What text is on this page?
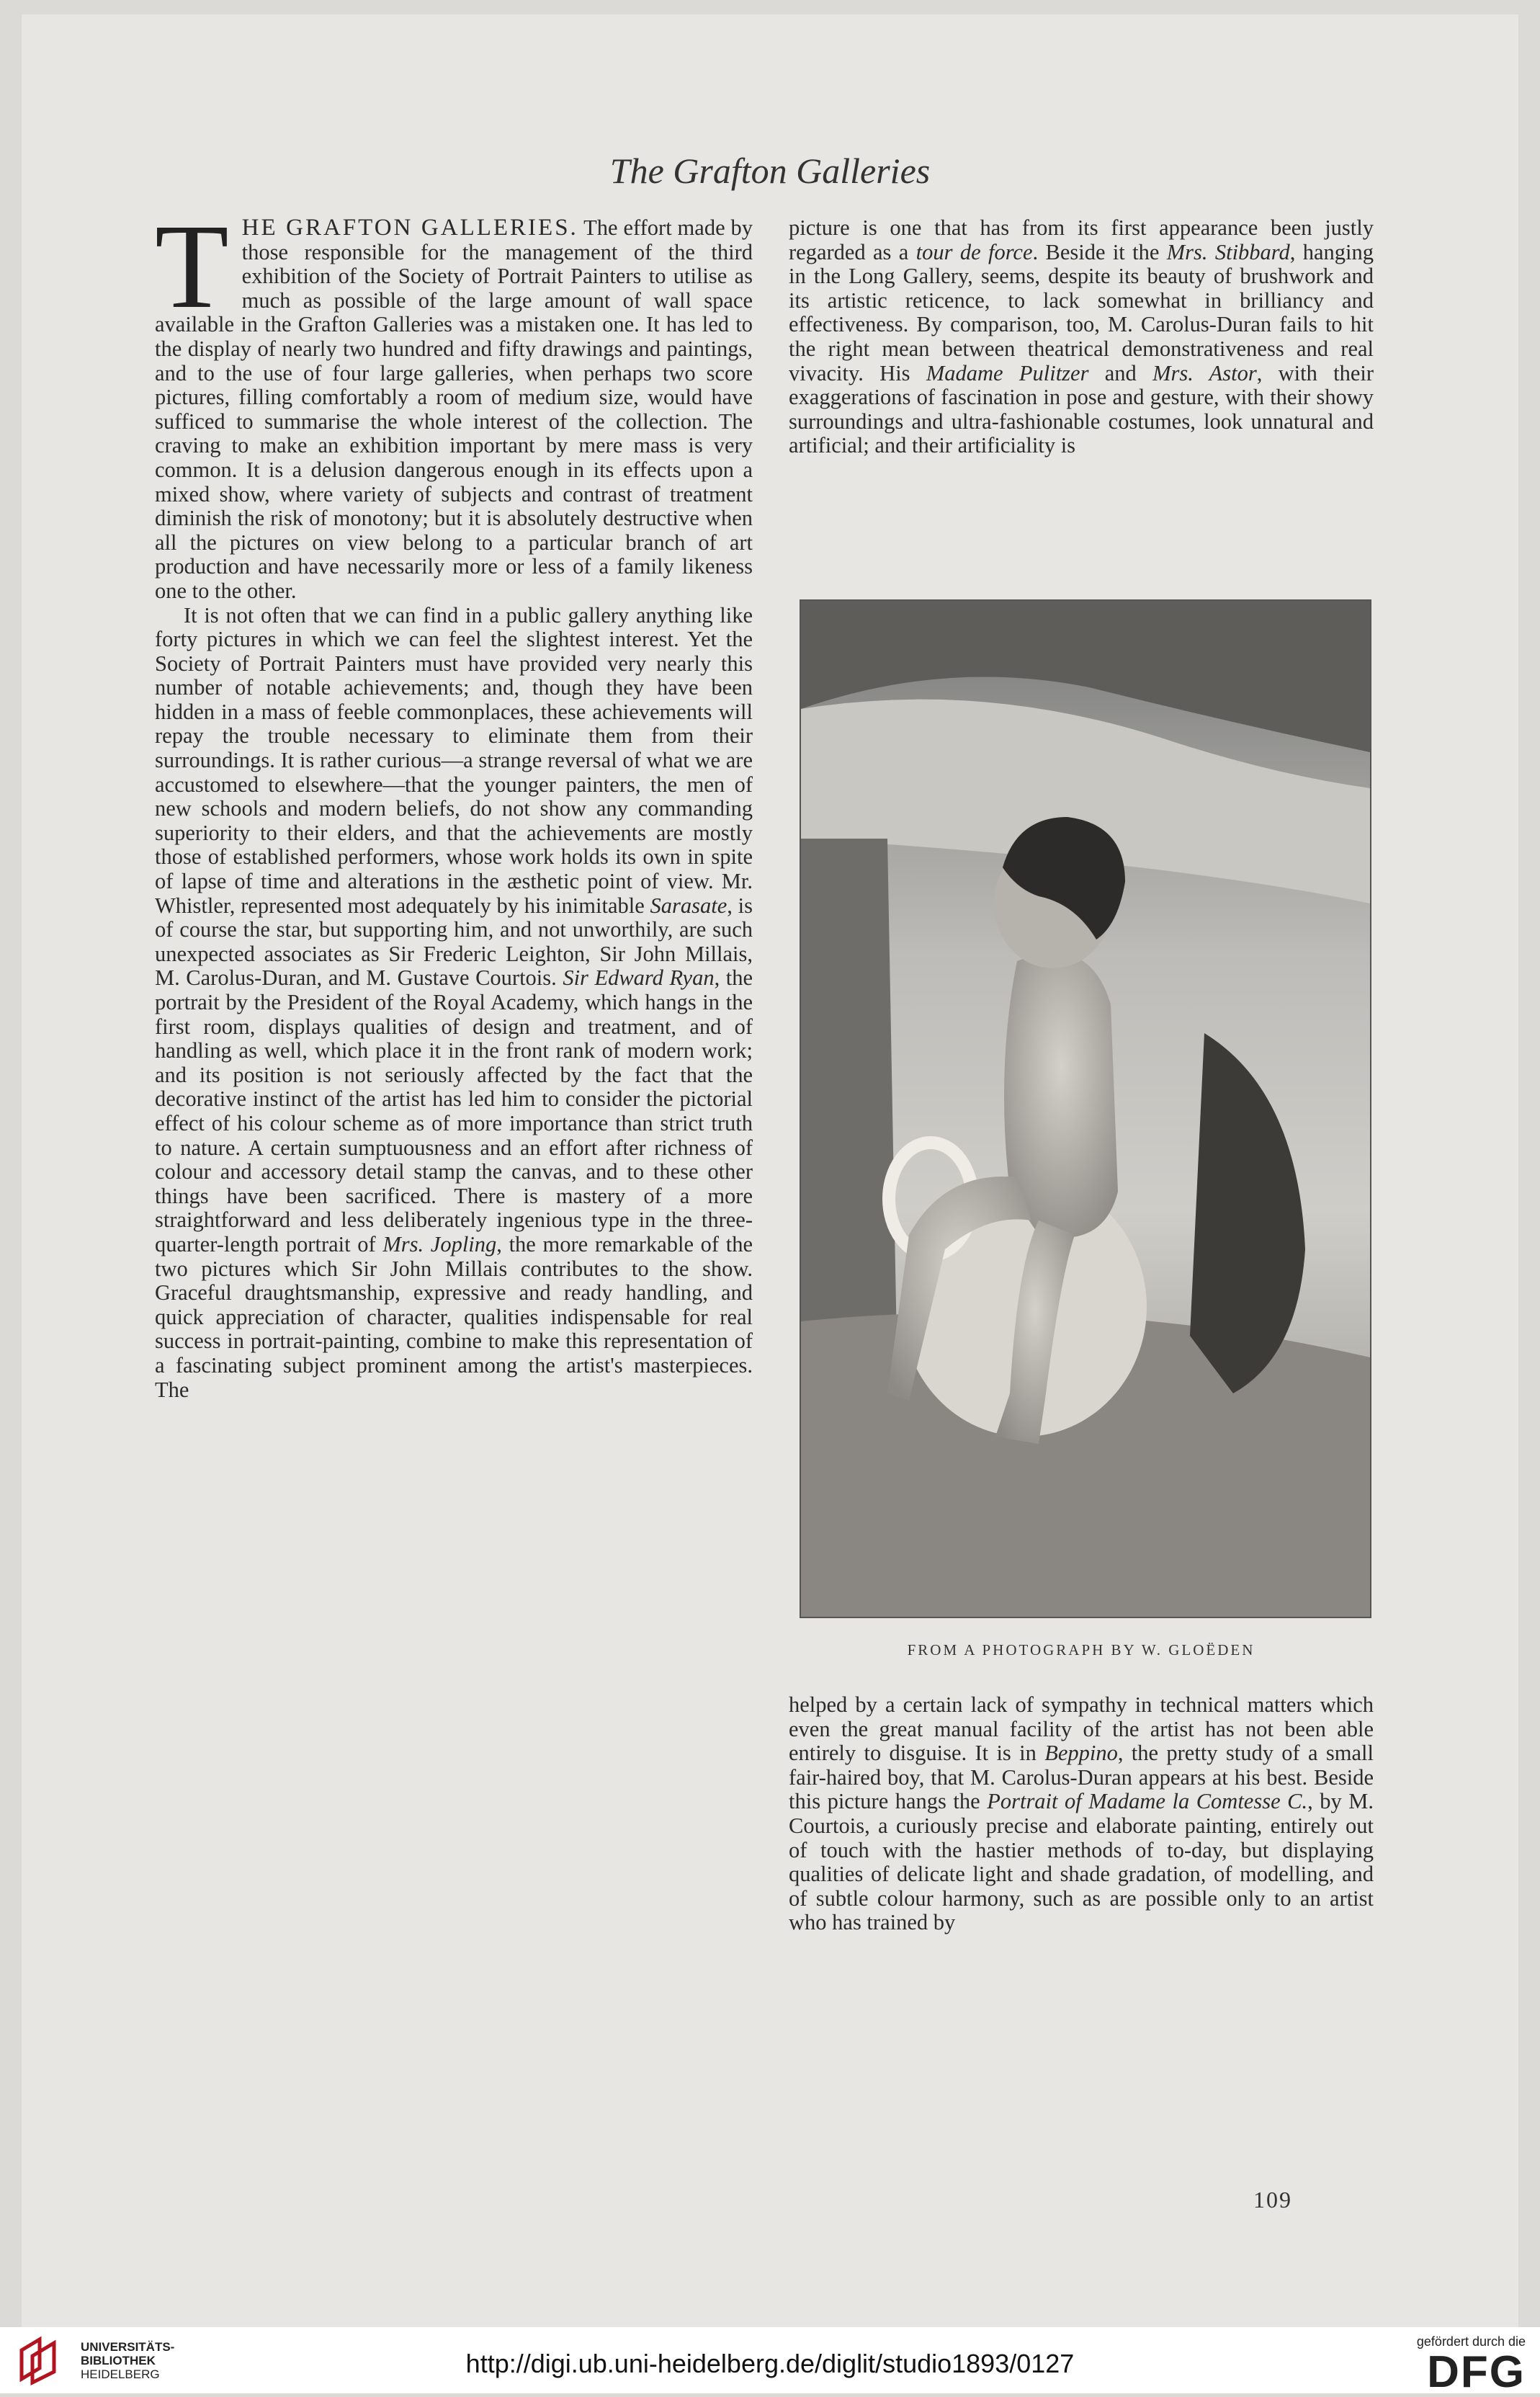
The Grafton Galleries

T HE GRAFTON GALLERIES. The effort made by those responsible for the management of the third exhibition of the Society of Portrait Painters to utilise as much as possible of the large amount of wall space available in the Grafton Galleries was a mistaken one. It has led to the display of nearly two hundred and fifty drawings and paintings, and to the use of four large galleries, when perhaps two score pictures, filling comfortably a room of medium size, would have sufficed to summarise the whole interest of the collection. The craving to make an exhibition important by mere mass is very common. It is a delusion dangerous enough in its effects upon a mixed show, where variety of subjects and contrast of treatment diminish the risk of monotony; but it is absolutely destructive when all the pictures on view belong to a particular branch of art production and have necessarily more or less of a family likeness one to the other.

It is not often that we can find in a public gallery anything like forty pictures in which we can feel the slightest interest. Yet the Society of Portrait Painters must have provided very nearly this number of notable achievements; and, though they have been hidden in a mass of feeble commonplaces, these achievements will repay the trouble necessary to eliminate them from their surroundings. It is rather curious—a strange reversal of what we are accustomed to elsewhere—that the younger painters, the men of new schools and modern beliefs, do not show any commanding superiority to their elders, and that the achievements are mostly those of established performers, whose work holds its own in spite of lapse of time and alterations in the æsthetic point of view. Mr. Whistler, represented most adequately by his inimitable Sarasate, is of course the star, but supporting him, and not unworthily, are such unexpected associates as Sir Frederic Leighton, Sir John Millais, M. Carolus-Duran, and M. Gustave Courtois. Sir Edward Ryan, the portrait by the President of the Royal Academy, which hangs in the first room, displays qualities of design and treatment, and of handling as well, which place it in the front rank of modern work; and its position is not seriously affected by the fact that the decorative instinct of the artist has led him to consider the pictorial effect of his colour scheme as of more importance than strict truth to nature. A certain sumptuousness and an effort after richness of colour and accessory detail stamp the canvas, and to these other things have been sacrificed. There is mastery of a more straightforward and less deliberately ingenious type in the three-quarter-length portrait of Mrs. Jopling, the more remarkable of the two pictures which Sir John Millais contributes to the show. Graceful draughtsmanship, expressive and ready handling, and quick appreciation of character, qualities indispensable for real success in portrait-painting, combine to make this representation of a fascinating subject prominent among the artist's masterpieces. The

picture is one that has from its first appearance been justly regarded as a tour de force. Beside it the Mrs. Stibbard, hanging in the Long Gallery, seems, despite its beauty of brushwork and its artistic reticence, to lack somewhat in brilliancy and effectiveness. By comparison, too, M. Carolus-Duran fails to hit the right mean between theatrical demonstrativeness and real vivacity. His Madame Pulitzer and Mrs. Astor, with their exaggerations of fascination in pose and gesture, with their showy surroundings and ultra-fashionable costumes, look unnatural and artificial; and their artificiality is

FROM A PHOTOGRAPH BY W. GLOËDEN

helped by a certain lack of sympathy in technical matters which even the great manual facility of the artist has not been able entirely to disguise. It is in Beppino, the pretty study of a small fair-haired boy, that M. Carolus-Duran appears at his best. Beside this picture hangs the Portrait of Madame la Comtesse C., by M. Courtois, a curiously precise and elaborate painting, entirely out of touch with the hastier methods of to-day, but displaying qualities of delicate light and shade gradation, of modelling, and of subtle colour harmony, such as are possible only to an artist who has trained by

109
UNIVERSITÄTS-
BIBLIOTHEK
HEIDELBERG	http://digi.ub.uni-heidelberg.de/diglit/studio1893/0127
gefördert durch die
DFG
